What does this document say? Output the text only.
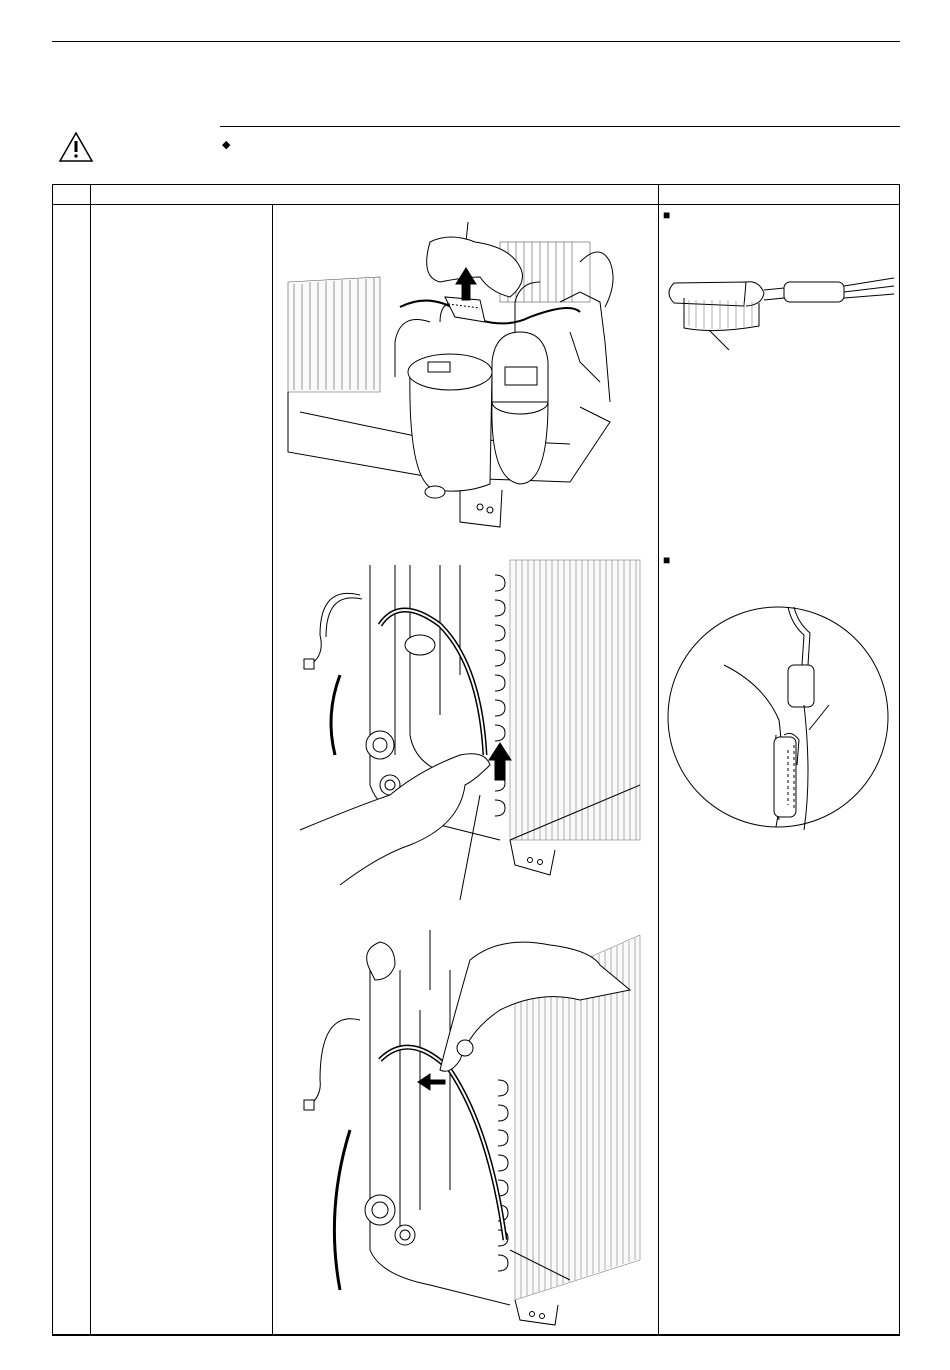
◆
■
■
